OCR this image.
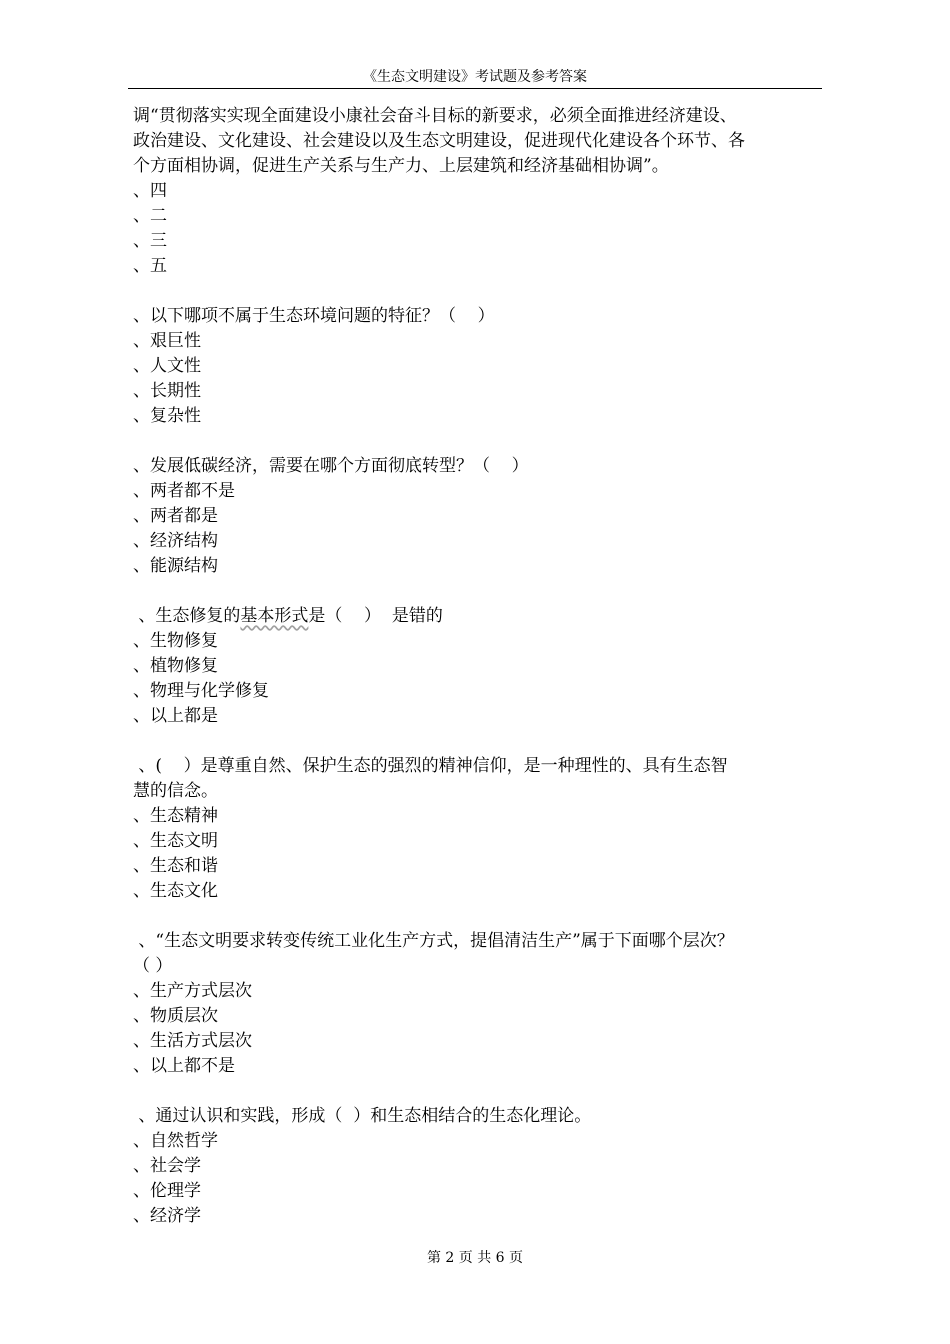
《生态文明建设》考试题及参考答案
调“贯彻落实实现全面建设小康社会奋斗目标的新要求，必须全面推进经济建设、
政治建设、文化建设、社会建设以及生态文明建设，促进现代化建设各个环节、各
个方面相协调，促进生产关系与生产力、上层建筑和经济基础相协调”。
、四
、二
、三
、五
、以下哪项不属于生态环境问题的特征？（    ）
、艰巨性
、人文性
、长期性
、复杂性
、发展低碳经济，需要在哪个方面彻底转型？（    ）
、两者都不是
、两者都是
、经济结构
、能源结构
、生态修复的基本形式是（    ）  是错的
、生物修复
、植物修复
、物理与化学修复
、以上都是
、(    ）是尊重自然、保护生态的强烈的精神信仰，是一种理性的、具有生态智
慧的信念。
、生态精神
、生态文明
、生态和谐
、生态文化
、“生态文明要求转变传统工业化生产方式，提倡清洁生产”属于下面哪个层次？
（ ）
、生产方式层次
、物质层次
、生活方式层次
、以上都不是
、通过认识和实践，形成（  ）和生态相结合的生态化理论。
、自然哲学
、社会学
、伦理学
、经济学
第 2 页 共 6 页
